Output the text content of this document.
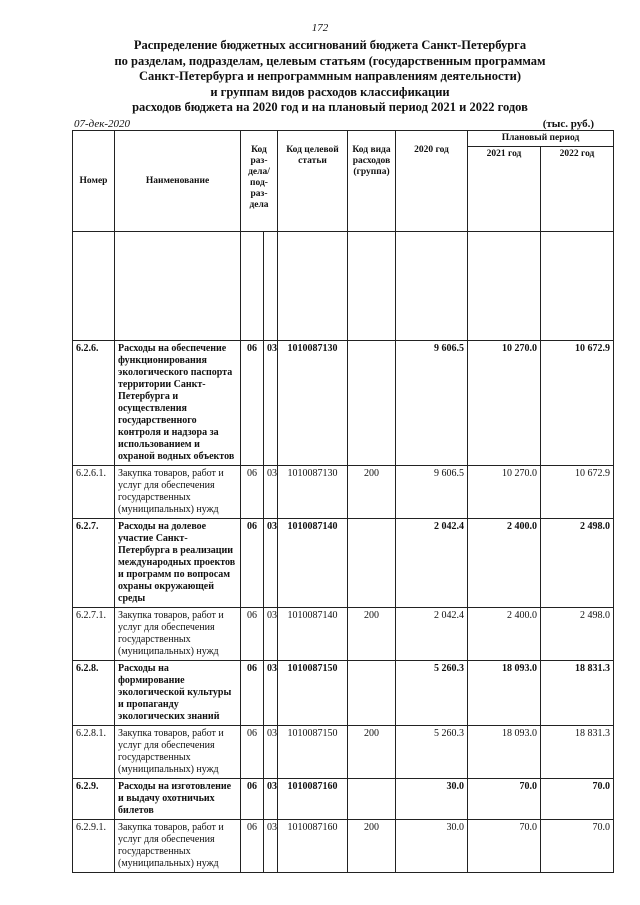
172
Распределение бюджетных ассигнований бюджета Санкт-Петербурга
по разделам, подразделам, целевым статьям (государственным программам
Санкт-Петербурга и непрограммным направлениям деятельности)
и группам видов расходов классификации
расходов бюджета на 2020 год и на плановый период 2021 и 2022 годов
07-дек-2020	(тыс. руб.)
Номер	Наименование	Код раз- дела/ под- раз- дела		Код целевой статьи	Код вида расходов (группа)	2020 год	Плановый период	
							2021 год	2022 год

6.2.6.	Расходы на обеспечение функционирования экологического паспорта территории Санкт-Петербурга и осуществления государственного контроля и надзора за использованием и охраной водных объектов	06	03	1010087130		9 606.5	10 270.0	10 672.9
6.2.6.1.	Закупка товаров, работ и услуг для обеспечения государственных (муниципальных) нужд	06	03	1010087130	200	9 606.5	10 270.0	10 672.9
6.2.7.	Расходы на долевое участие Санкт-Петербурга в реализации международных проектов и программ по вопросам охраны окружающей среды	06	03	1010087140		2 042.4	2 400.0	2 498.0
6.2.7.1.	Закупка товаров, работ и услуг для обеспечения государственных (муниципальных) нужд	06	03	1010087140	200	2 042.4	2 400.0	2 498.0
6.2.8.	Расходы на формирование экологической культуры и пропаганду экологических знаний	06	03	1010087150		5 260.3	18 093.0	18 831.3
6.2.8.1.	Закупка товаров, работ и услуг для обеспечения государственных (муниципальных) нужд	06	03	1010087150	200	5 260.3	18 093.0	18 831.3
6.2.9.	Расходы на изготовление и выдачу охотничьих билетов	06	03	1010087160		30.0	70.0	70.0
6.2.9.1.	Закупка товаров, работ и услуг для обеспечения государственных (муниципальных) нужд	06	03	1010087160	200	30.0	70.0	70.0
